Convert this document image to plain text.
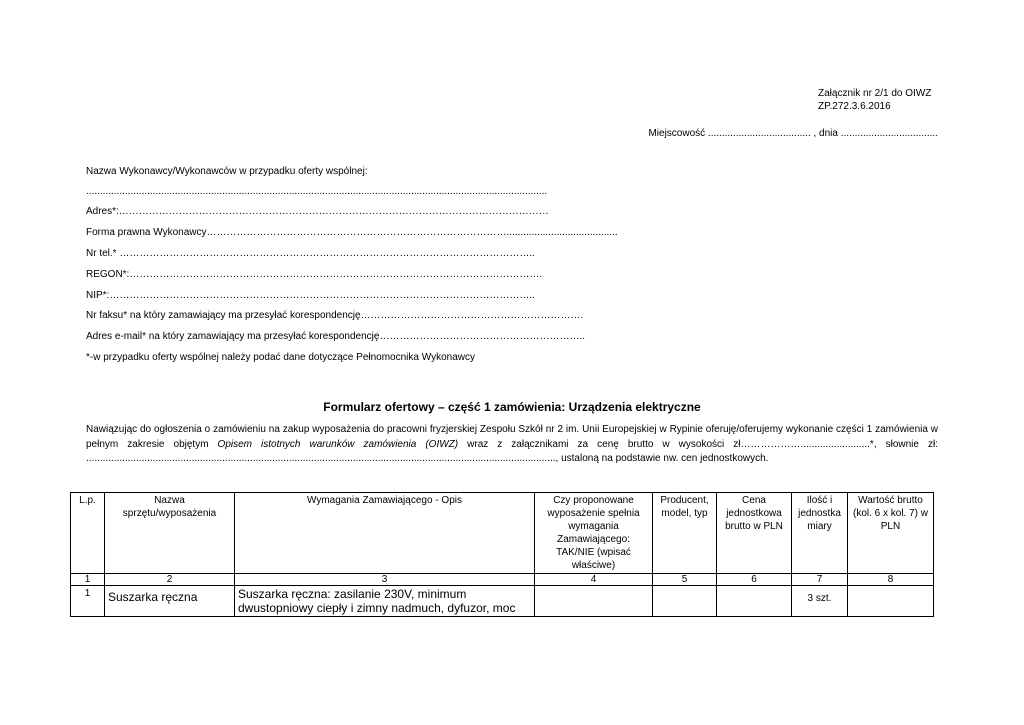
Załącznik nr 2/1 do OIWZ
ZP.272.3.6.2016
Miejscowość ..................................... , dnia ...................................
Nazwa Wykonawcy/Wykonawców w przypadku oferty wspólnej:
......................................................................................................................................................................
Adres*:…………………………………………………………………………………………………………………
Forma prawna Wykonawcy………………………………………………………………………………........................................
Nr tel.* ……………………………………………………………………………………………………………..
REGON*:…………………………………………………………………………………………………………….
NIP*:………………………………………………………………………………………………………………..
Nr faksu* na który zamawiający ma przesyłać korespondencję………………………………………………………….
Adres e-mail* na który zamawiający ma przesyłać korespondencję……………………………………………………..
*-w przypadku oferty wspólnej należy podać dane dotyczące Pełnomocnika Wykonawcy
Formularz ofertowy – część 1 zamówienia: Urządzenia elektryczne
Nawiązując do ogłoszenia o zamówieniu na zakup wyposażenia do pracowni fryzjerskiej Zespołu Szkół nr 2 im. Unii Europejskiej w Rypinie oferuję/oferujemy wykonanie części 1 zamówienia w
pełnym zakresie objętym Opisem istotnych warunków zamówienia (OIWZ) wraz z załącznikami za cenę brutto w wysokości zł……………….........................*, słownie zł:
........................................................................................................................................................................., ustaloną na podstawie nw. cen jednostkowych.
L.p.	Nazwa sprzętu/wyposażenia	Wymagania Zamawiającego - Opis	Czy proponowane wyposażenie spełnia wymagania Zamawiającego: TAK/NIE (wpisać właściwe)	Producent, model, typ	Cena jednostkowa brutto w PLN	Ilość i jednostka miary	Wartość brutto (kol. 6 x kol. 7) w PLN
1	2	3	4	5	6	7	8
1	Suszarka ręczna	Suszarka ręczna: zasilanie 230V, minimum dwustopniowy ciepły i zimny nadmuch, dyfuzor, moc				3 szt.	
